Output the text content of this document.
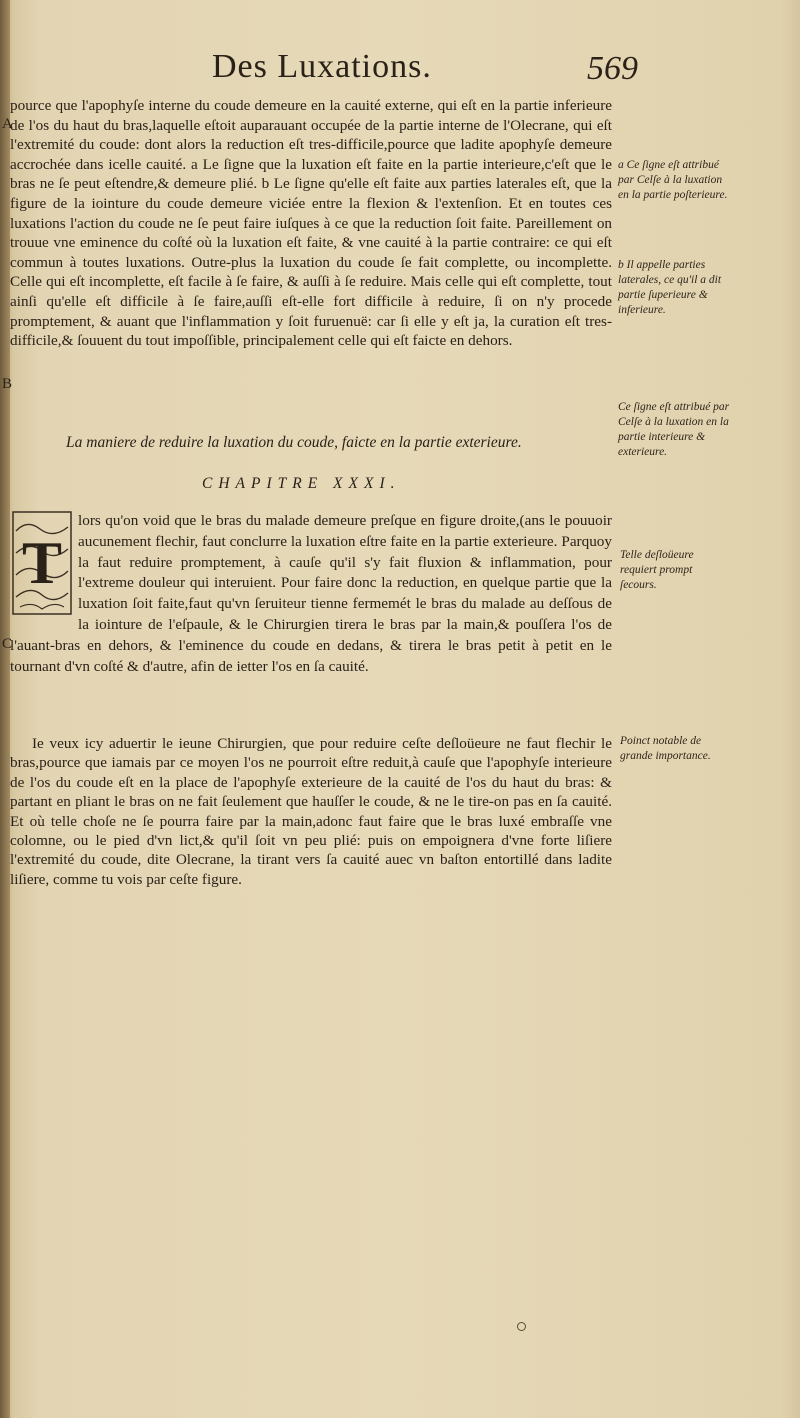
Des Luxations.	569
A
B
C

pource que l'apophyſe interne du coude demeure en la cauité externe, qui eſt en la partie inferieure de l'os du haut du bras,laquelle eſtoit auparauant occupée de la partie interne de l'Olecrane, qui eſt l'extremité du coude: dont alors la reduction eſt tres-difficile,pource que ladite apophyſe demeure accrochée dans icelle cauité. a Le ſigne que la luxation eſt faite en la partie interieure,c'eſt que le bras ne ſe peut eſtendre,& demeure plié. b Le ſigne qu'elle eſt faite aux parties laterales eſt, que la figure de la iointure du coude demeure viciée entre la flexion & l'extenſion. Et en toutes ces luxations l'action du coude ne ſe peut faire iuſques à ce que la reduction ſoit faite. Pareillement on trouue vne eminence du coſté où la luxation eſt faite, & vne cauité à la partie contraire: ce qui eſt commun à toutes luxations. Outre-plus la luxation du coude ſe fait complette, ou incomplette. Celle qui eſt incomplette, eſt facile à ſe faire, & auſſi à ſe reduire. Mais celle qui eſt complette, tout ainſi qu'elle eſt difficile à ſe faire,auſſi eſt-elle fort difficile à reduire, ſi on n'y procede promptement, & auant que l'inflammation y ſoit furuenuë: car ſi elle y eſt ja, la curation eſt tres-difficile,& ſouuent du tout impoſſible, principalement celle qui eſt faicte en dehors.

La maniere de reduire la luxation du coude, faicte en la partie exterieure.
CHAPITRE XXXI.
T
lors qu'on void que le bras du malade demeure preſque en figure droite,(ans le pouuoir aucunement flechir, faut conclurre la luxation eſtre faite en la partie exterieure. Parquoy la faut reduire promptement, à cauſe qu'il s'y fait fluxion & inflammation, pour l'extreme douleur qui interuient. Pour faire donc la reduction, en quelque partie que la luxation ſoit faite,faut qu'vn ſeruiteur tienne fermemét le bras du malade au deſſous de la iointure de l'eſpaule, & le Chirurgien tirera le bras par la main,& pouſſera l'os de l'auant-bras en dehors, & l'eminence du coude en dedans, & tirera le bras petit à petit en le tournant d'vn coſté & d'autre, afin de ietter l'os en ſa cauité.

Ie veux icy aduertir le ieune Chirurgien, que pour reduire ceſte deſloüeure ne faut flechir le bras,pource que iamais par ce moyen l'os ne pourroit eſtre reduit,à cauſe que l'apophyſe interieure de l'os du coude eſt en la place de l'apophyſe exterieure de la cauité de l'os du haut du bras: & partant en pliant le bras on ne fait ſeulement que hauſſer le coude, & ne le tire-on pas en ſa cauité. Et où telle choſe ne ſe pourra faire par la main,adonc faut faire que le bras luxé embraſſe vne colomne, ou le pied d'vn lict,& qu'il ſoit vn peu plié: puis on empoignera d'vne forte liſiere l'extremité du coude, dite Olecrane, la tirant vers ſa cauité auec vn baſton entortillé dans ladite liſiere, comme tu vois par ceſte figure.

a Ce ſigne eſt attribué par Celſe à la luxation en la partie poſterieure.
b Il appelle parties laterales, ce qu'il a dit partie ſuperieure & inferieure.
Ce ſigne eſt attribué par Celſe à la luxation en la partie interieure & exterieure.
Telle deſloüeure requiert prompt ſecours.
Poinct notable de grande importance.
